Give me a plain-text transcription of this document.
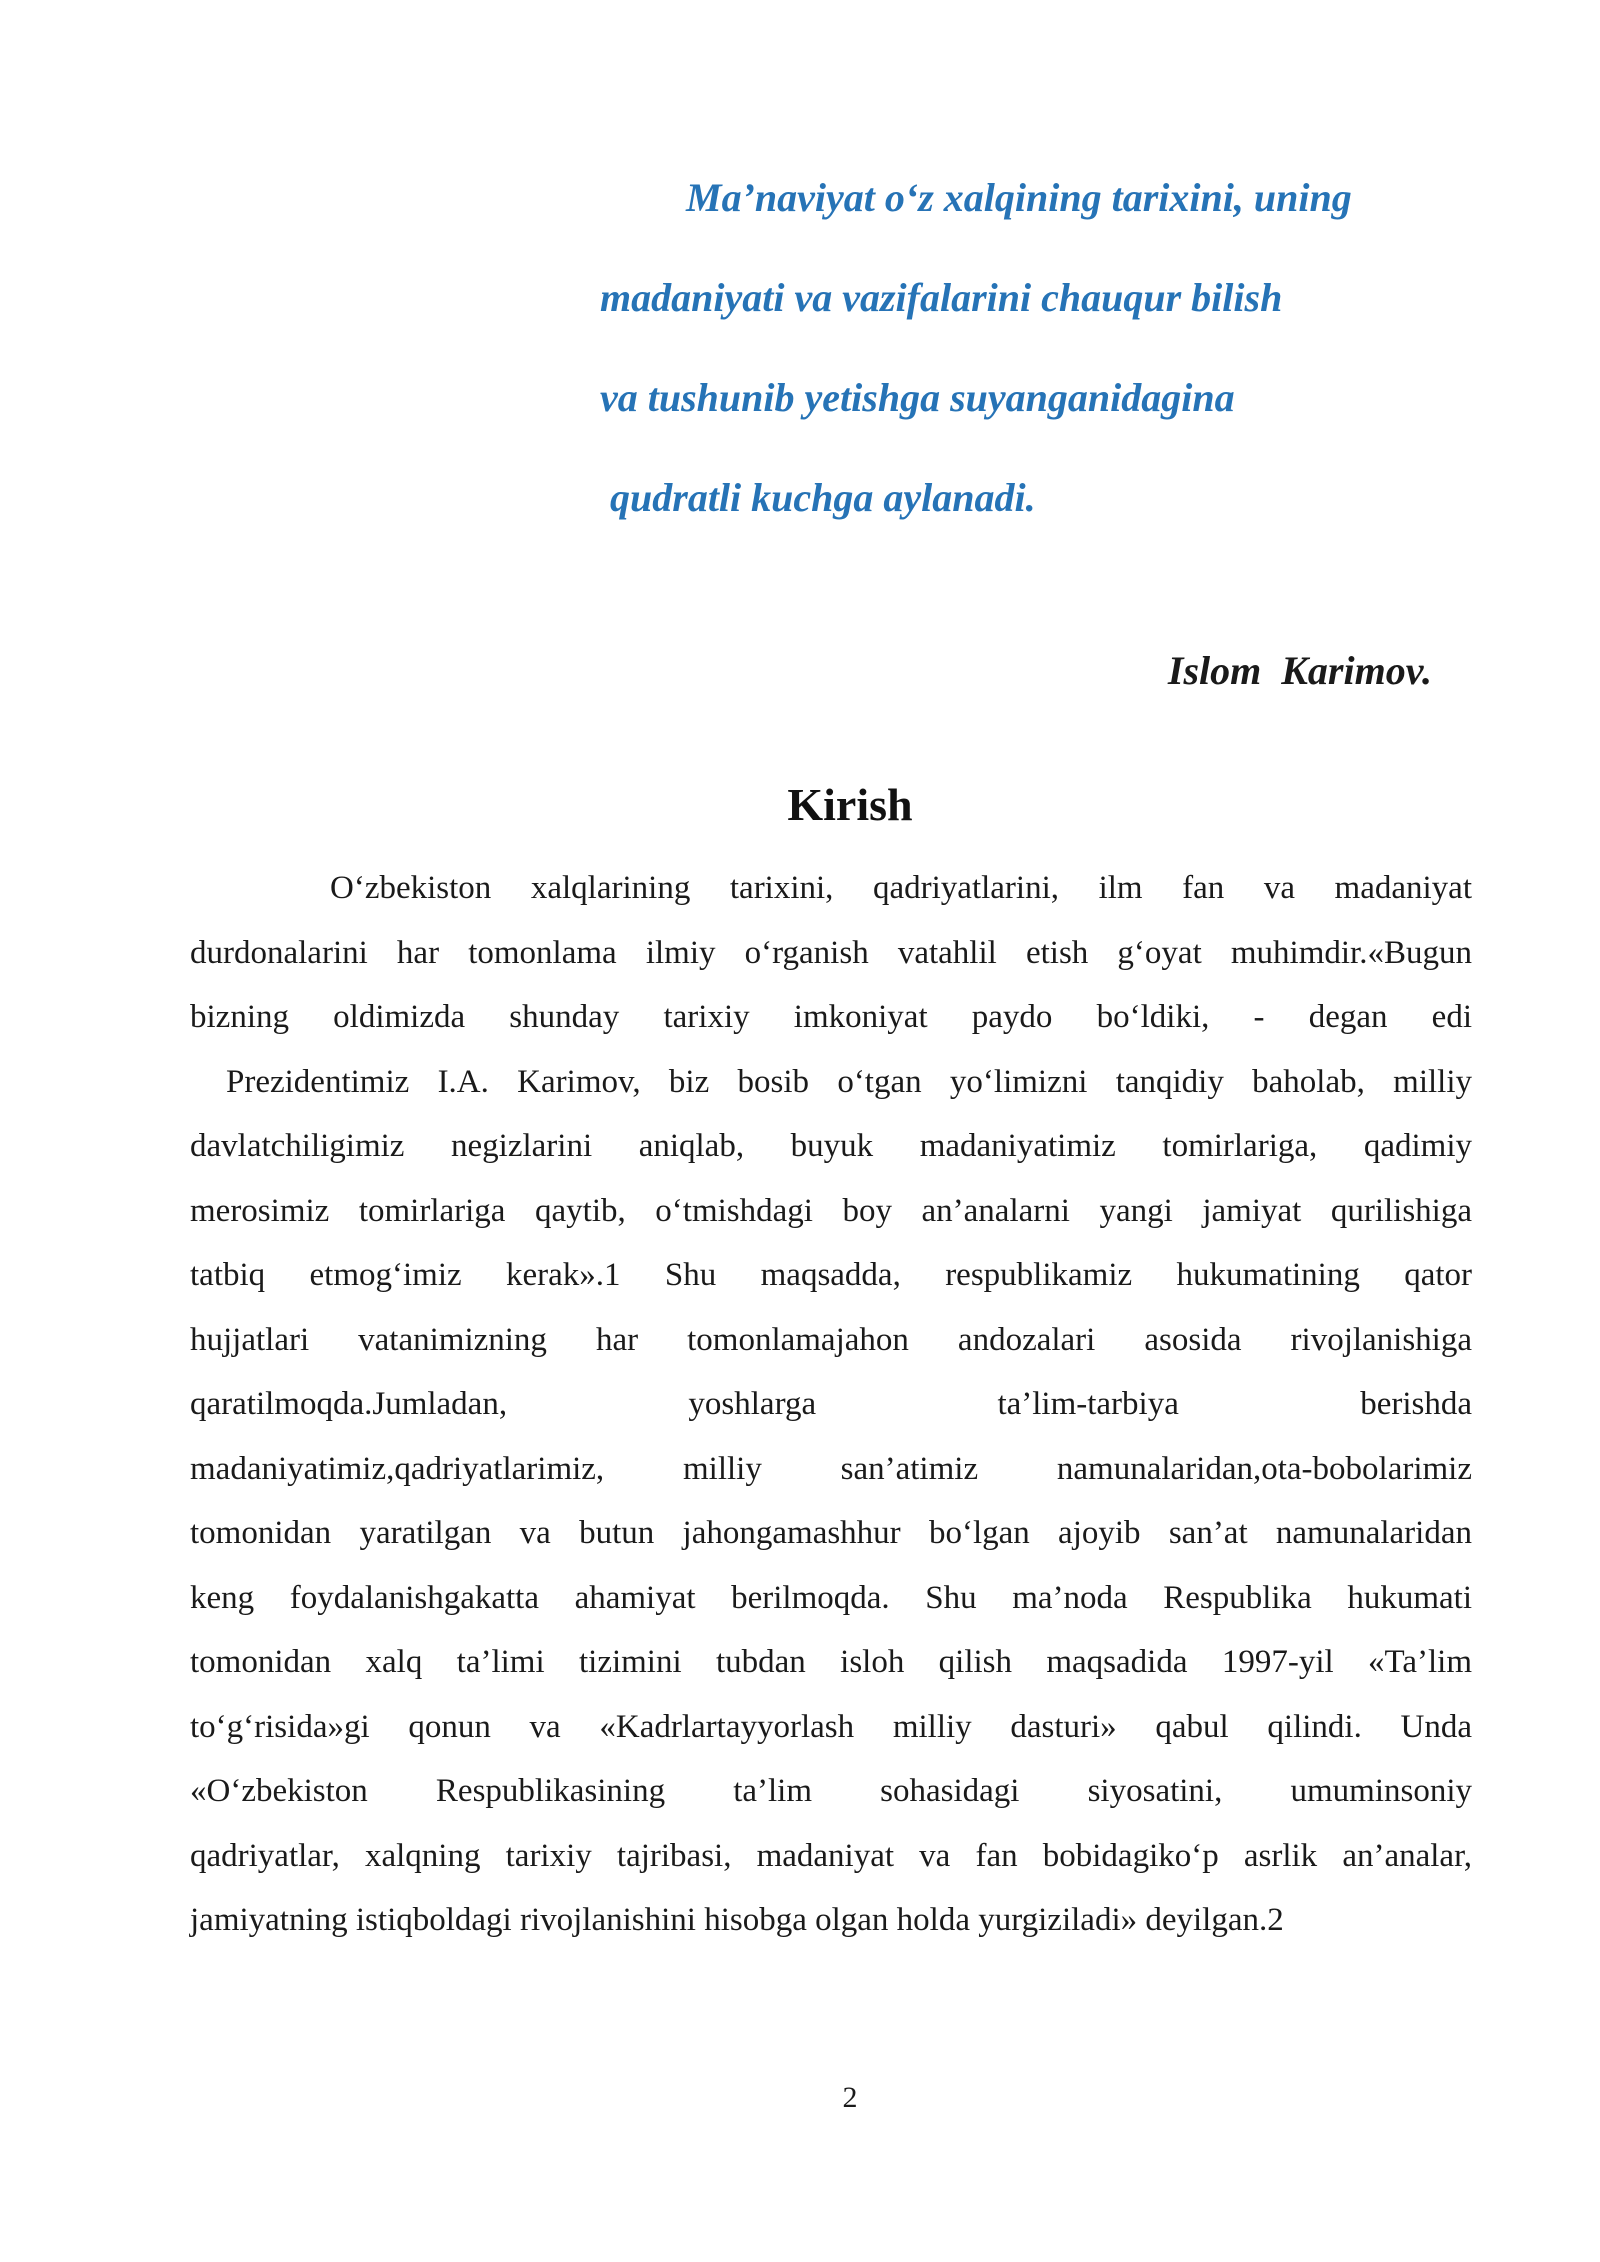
Ma’naviyat o‘z xalqining tarixini, uning
madaniyati va vazifalarini chauqur bilish
va tushunib yetishga suyanganidagina
qudratli kuchga aylanadi.
Islom  Karimov.
Kirish
O‘zbekiston xalqlarining tarixini, qadriyatlarini, ilm fan va madaniyat
durdonalarini har tomonlama ilmiy o‘rganish vatahlil etish g‘oyat muhimdir.«Bugun
bizning oldimizda shunday tarixiy imkoniyat paydo bo‘ldiki, - degan edi
Prezidentimiz I.A. Karimov, biz bosib o‘tgan yo‘limizni tanqidiy baholab, milliy
davlatchiligimiz negizlarini aniqlab, buyuk madaniyatimiz tomirlariga, qadimiy
merosimiz tomirlariga qaytib, o‘tmishdagi boy an’analarni yangi jamiyat qurilishiga
tatbiq etmog‘imiz kerak».1 Shu maqsadda, respublikamiz hukumatining qator
hujjatlari vatanimizning har tomonlamajahon andozalari asosida rivojlanishiga
qaratilmoqda.Jumladan, yoshlarga ta’lim-tarbiya berishda
madaniyatimiz,qadriyatlarimiz, milliy san’atimiz namunalaridan,ota-bobolarimiz
tomonidan yaratilgan va butun jahongamashhur bo‘lgan ajoyib san’at namunalaridan
keng foydalanishgakatta ahamiyat berilmoqda. Shu ma’noda Respublika hukumati
tomonidan xalq ta’limi tizimini tubdan isloh qilish maqsadida 1997-yil «Ta’lim
to‘g‘risida»gi qonun va «Kadrlartayyorlash milliy dasturi» qabul qilindi. Unda
«O‘zbekiston Respublikasining ta’lim sohasidagi siyosatini, umuminsoniy
qadriyatlar, xalqning tarixiy tajribasi, madaniyat va fan bobidagiko‘p asrlik an’analar,
jamiyatning istiqboldagi rivojlanishini hisobga olgan holda yurgiziladi» deyilgan.2
2
